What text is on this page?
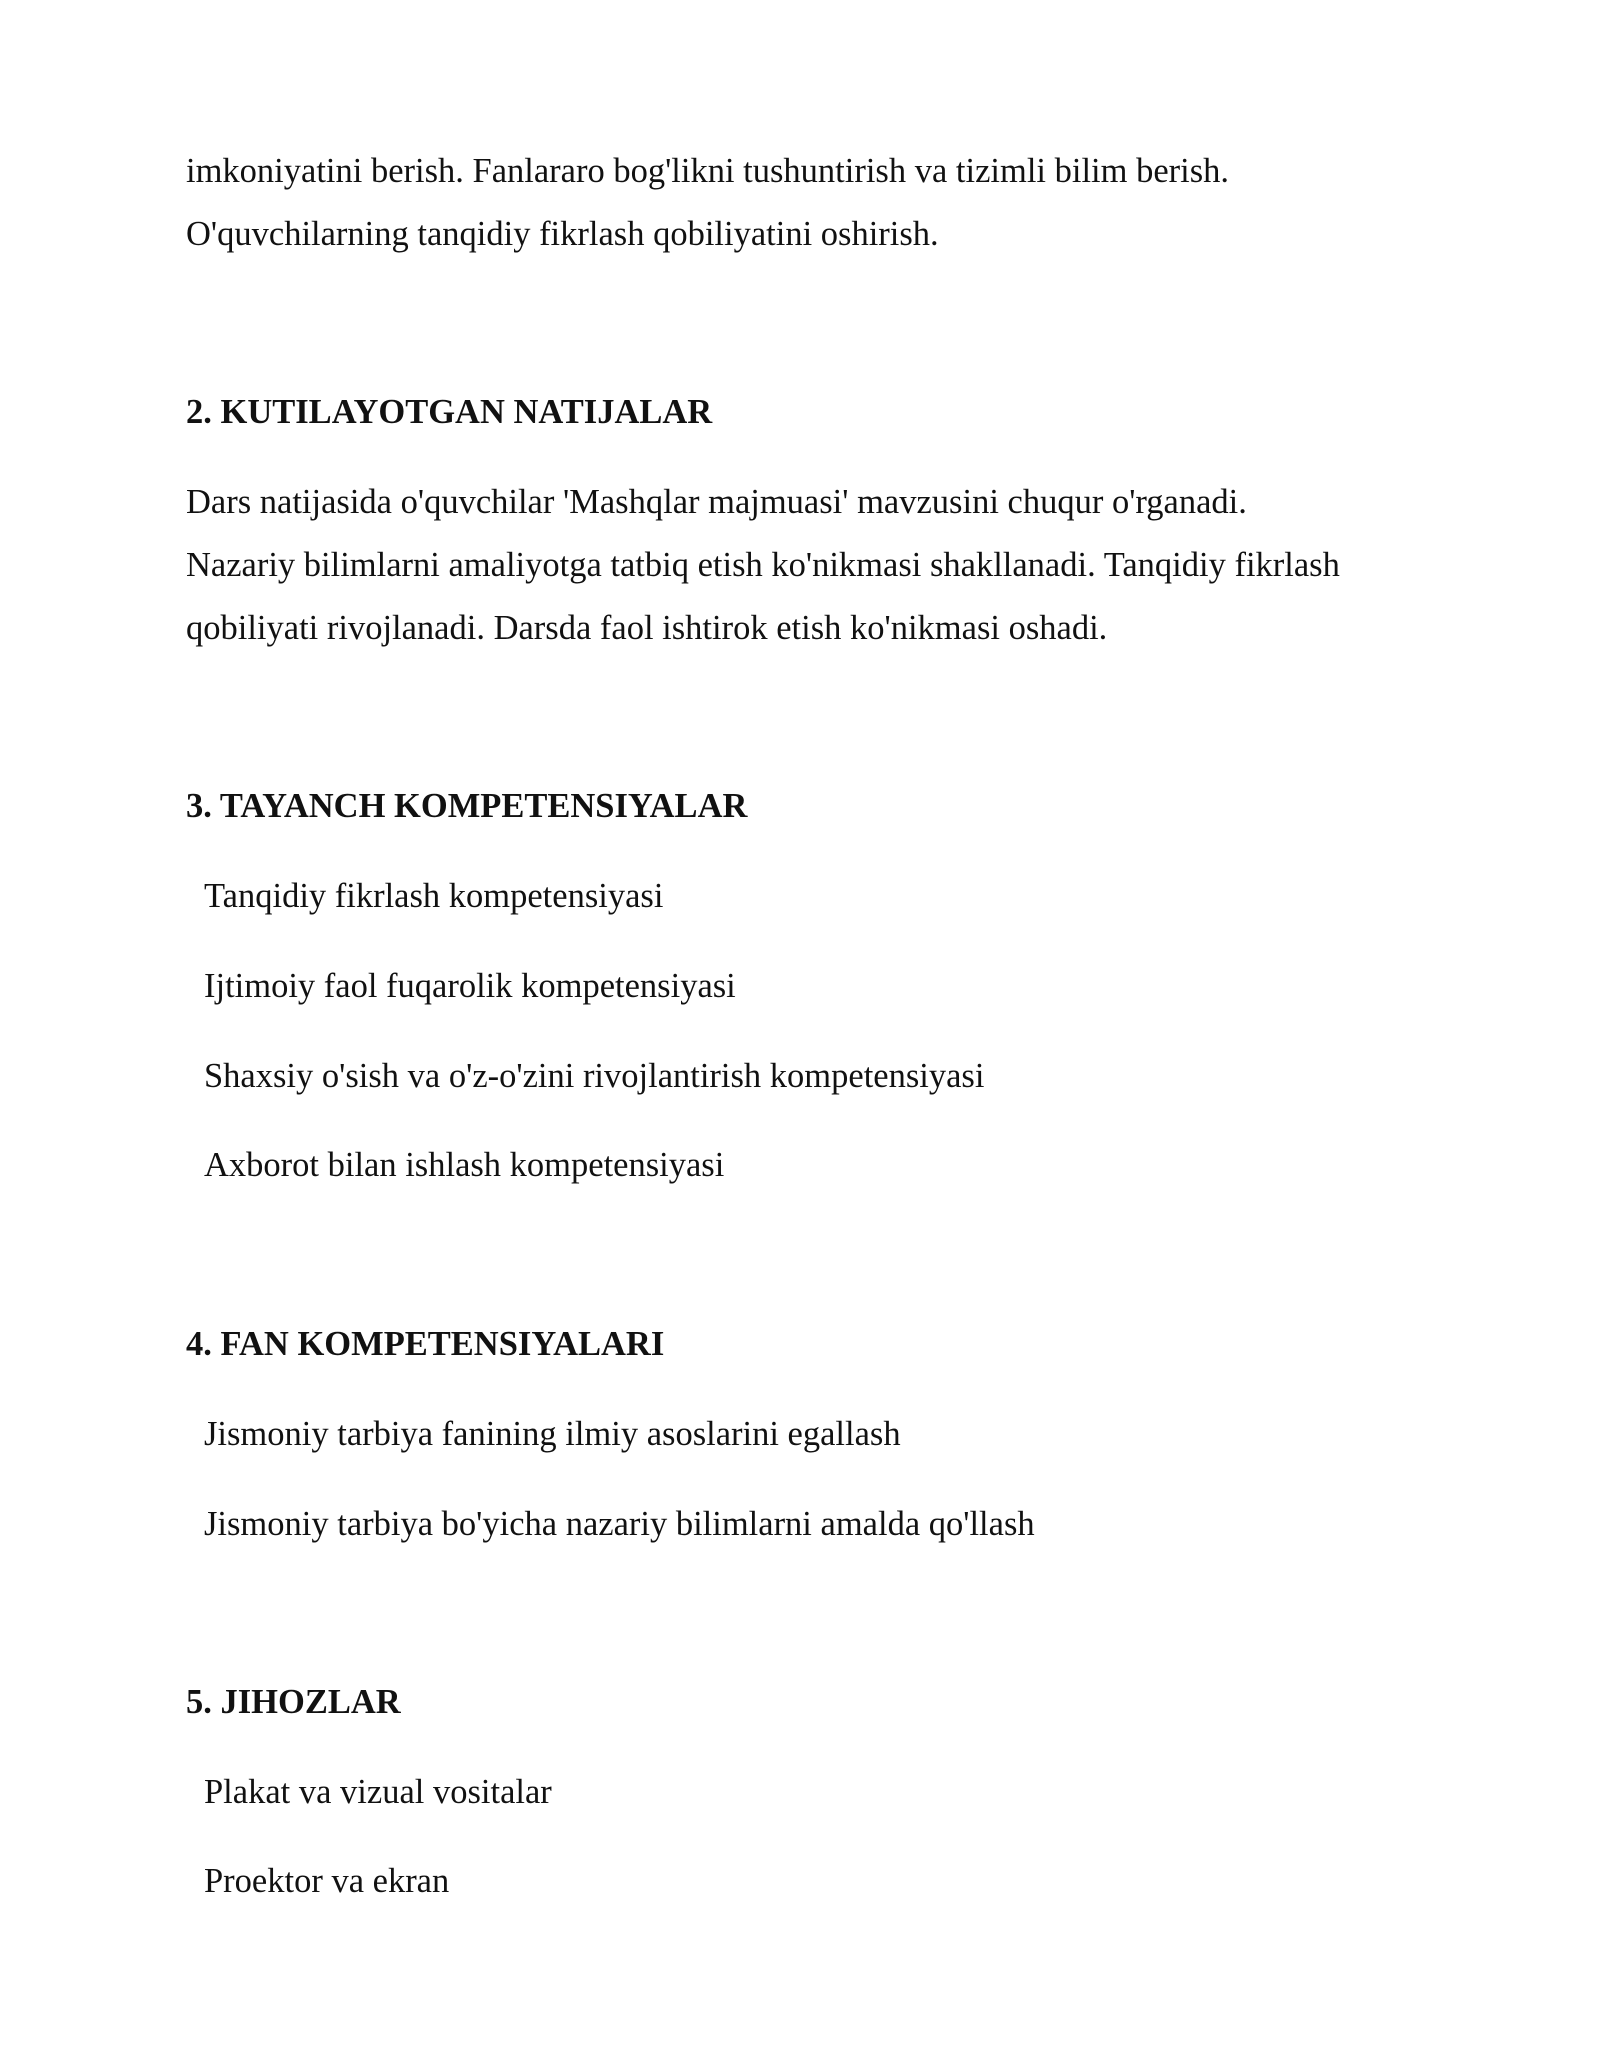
imkoniyatini berish. Fanlararo bog'likni tushuntirish va tizimli bilim berish.

O'quvchilarning tanqidiy fikrlash qobiliyatini oshirish.

2. KUTILAYOTGAN NATIJALAR

Dars natijasida o'quvchilar 'Mashqlar majmuasi' mavzusini chuqur o'rganadi.

Nazariy bilimlarni amaliyotga tatbiq etish ko'nikmasi shakllanadi. Tanqidiy fikrlash

qobiliyati rivojlanadi. Darsda faol ishtirok etish ko'nikmasi oshadi.

3. TAYANCH KOMPETENSIYALAR

Tanqidiy fikrlash kompetensiyasi

Ijtimoiy faol fuqarolik kompetensiyasi

Shaxsiy o'sish va o'z-o'zini rivojlantirish kompetensiyasi

Axborot bilan ishlash kompetensiyasi

4. FAN KOMPETENSIYALARI

Jismoniy tarbiya fanining ilmiy asoslarini egallash

Jismoniy tarbiya bo'yicha nazariy bilimlarni amalda qo'llash

5. JIHOZLAR

Plakat va vizual vositalar

Proektor va ekran
